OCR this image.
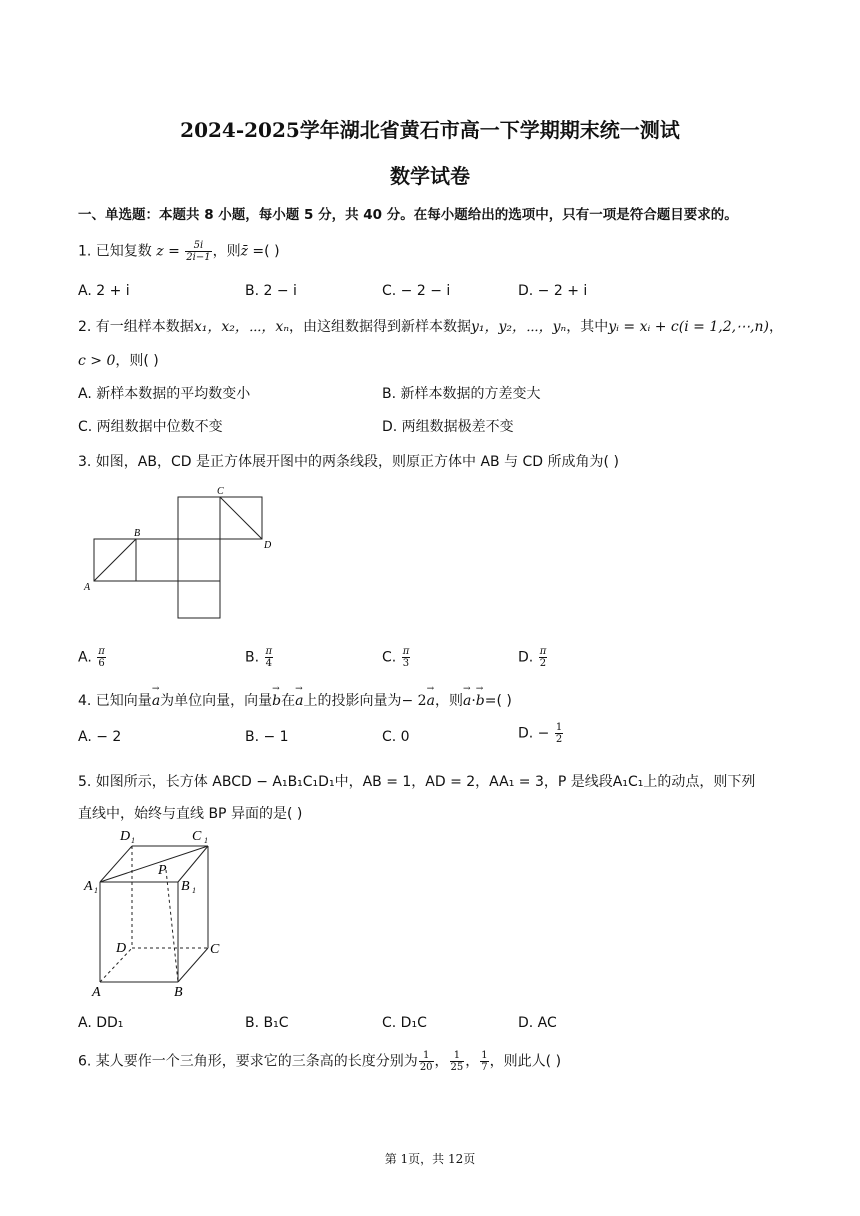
2024-2025学年湖北省黄石市高一下学期期末统一测试
数学试卷
一、单选题：本题共 8 小题，每小题 5 分，共 40 分。在每小题给出的选项中，只有一项是符合题目要求的。
1. 已知复数 $z = \frac{5i}{2i-1}$ ，则z̄ =( )
A. 2 + i	B. 2 − i	C. − 2 − i	D. − 2 + i
2. 有一组样本数据x₁，x₂，⋯，xₙ，由这组数据得到新样本数据y₁，y₂，⋯，yₙ，其中yᵢ = xᵢ + c(i = 1,2,⋯,n)，
c > 0，则( )
A. 新样本数据的平均数变小	B. 新样本数据的方差变大
C. 两组数据中位数不变	D. 两组数据极差不变
3. 如图，AB，CD 是正方体展开图中的两条线段，则原正方体中 AB 与 CD 所成角为( )
A
B
C
D
A. $\frac{\pi}{6}$	B. $\frac{\pi}{4}$	C. $\frac{\pi}{3}$	D. $\frac{\pi}{2}$
4. 已知向量→ a为单位向量，向量→ b在→ a上的投影向量为− 2→ a，则→ a·→ b=( )
A. − 2	B. − 1	C. 0	D. − $\frac{1}{2}$
5. 如图所示，长方体 ABCD − A₁B₁C₁D₁中，AB = 1，AD = 2，AA₁ = 3，P 是线段A₁C₁上的动点，则下列
直线中，始终与直线 BP 异面的是( )
D 1	C 1
A 1
P
B 1
D	C
A	B
A. DD₁	B. B₁C	C. D₁C	D. AC
6. 某人要作一个三角形，要求它的三条高的长度分别为 $\frac{1}{20}$ ， $\frac{1}{25}$ ， $\frac{1}{7}$ ，则此人( )
第 1页，共 12页
